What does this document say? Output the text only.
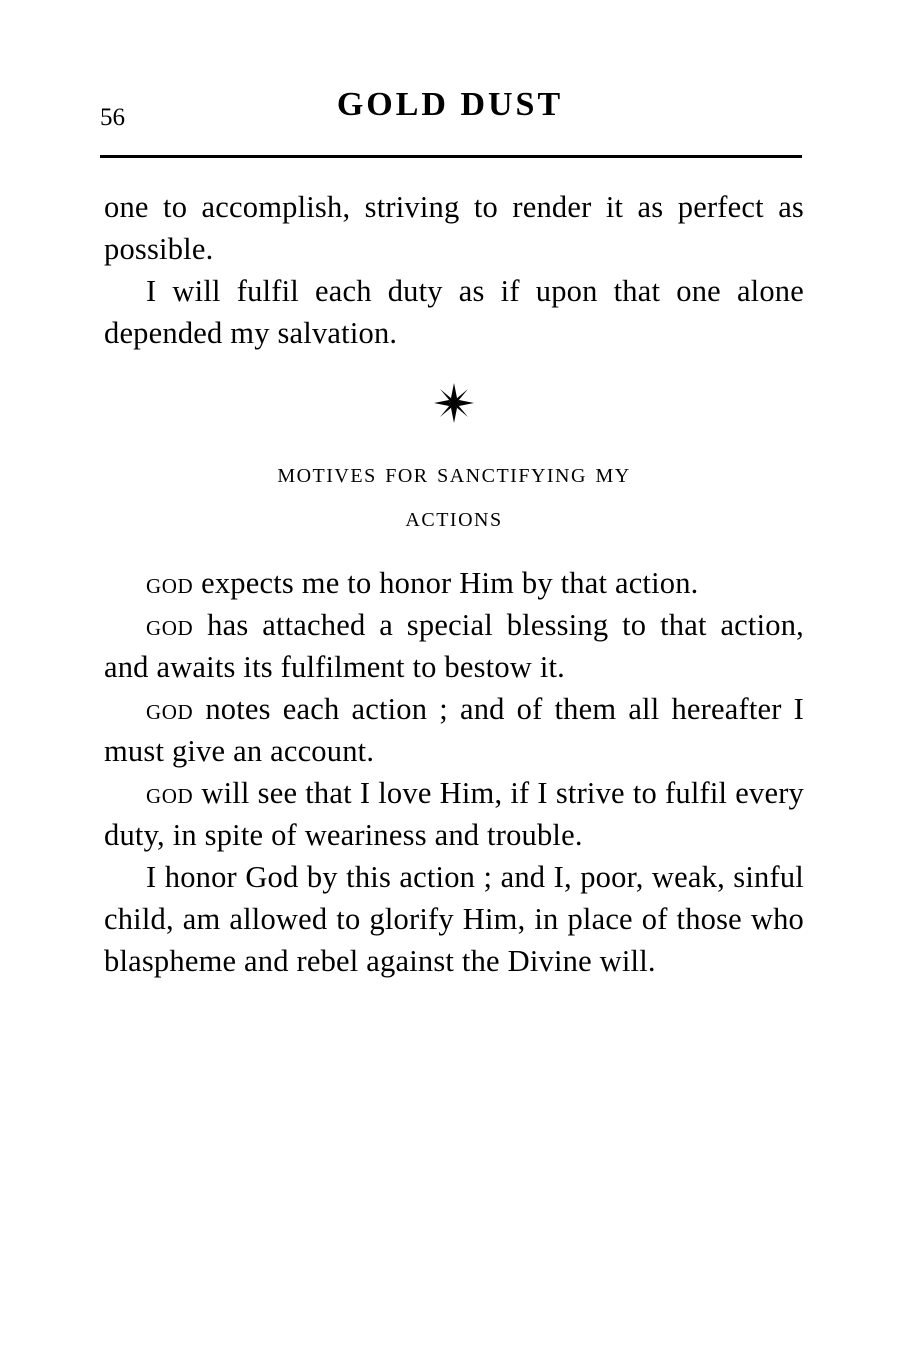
56	GOLD DUST

one to accomplish, striving to render it as perfect as possible.

I will fulfil each duty as if upon that one alone depended my salvation.

motives for sanctifying my
actions

god expects me to honor Him by that action.

god has attached a special blessing to that action, and awaits its fulfilment to bestow it.

god notes each action ; and of them all hereafter I must give an account.

god will see that I love Him, if I strive to fulfil every duty, in spite of weariness and trouble.

I honor God by this action ; and I, poor, weak, sinful child, am allowed to glorify Him, in place of those who blaspheme and rebel against the Divine will.
